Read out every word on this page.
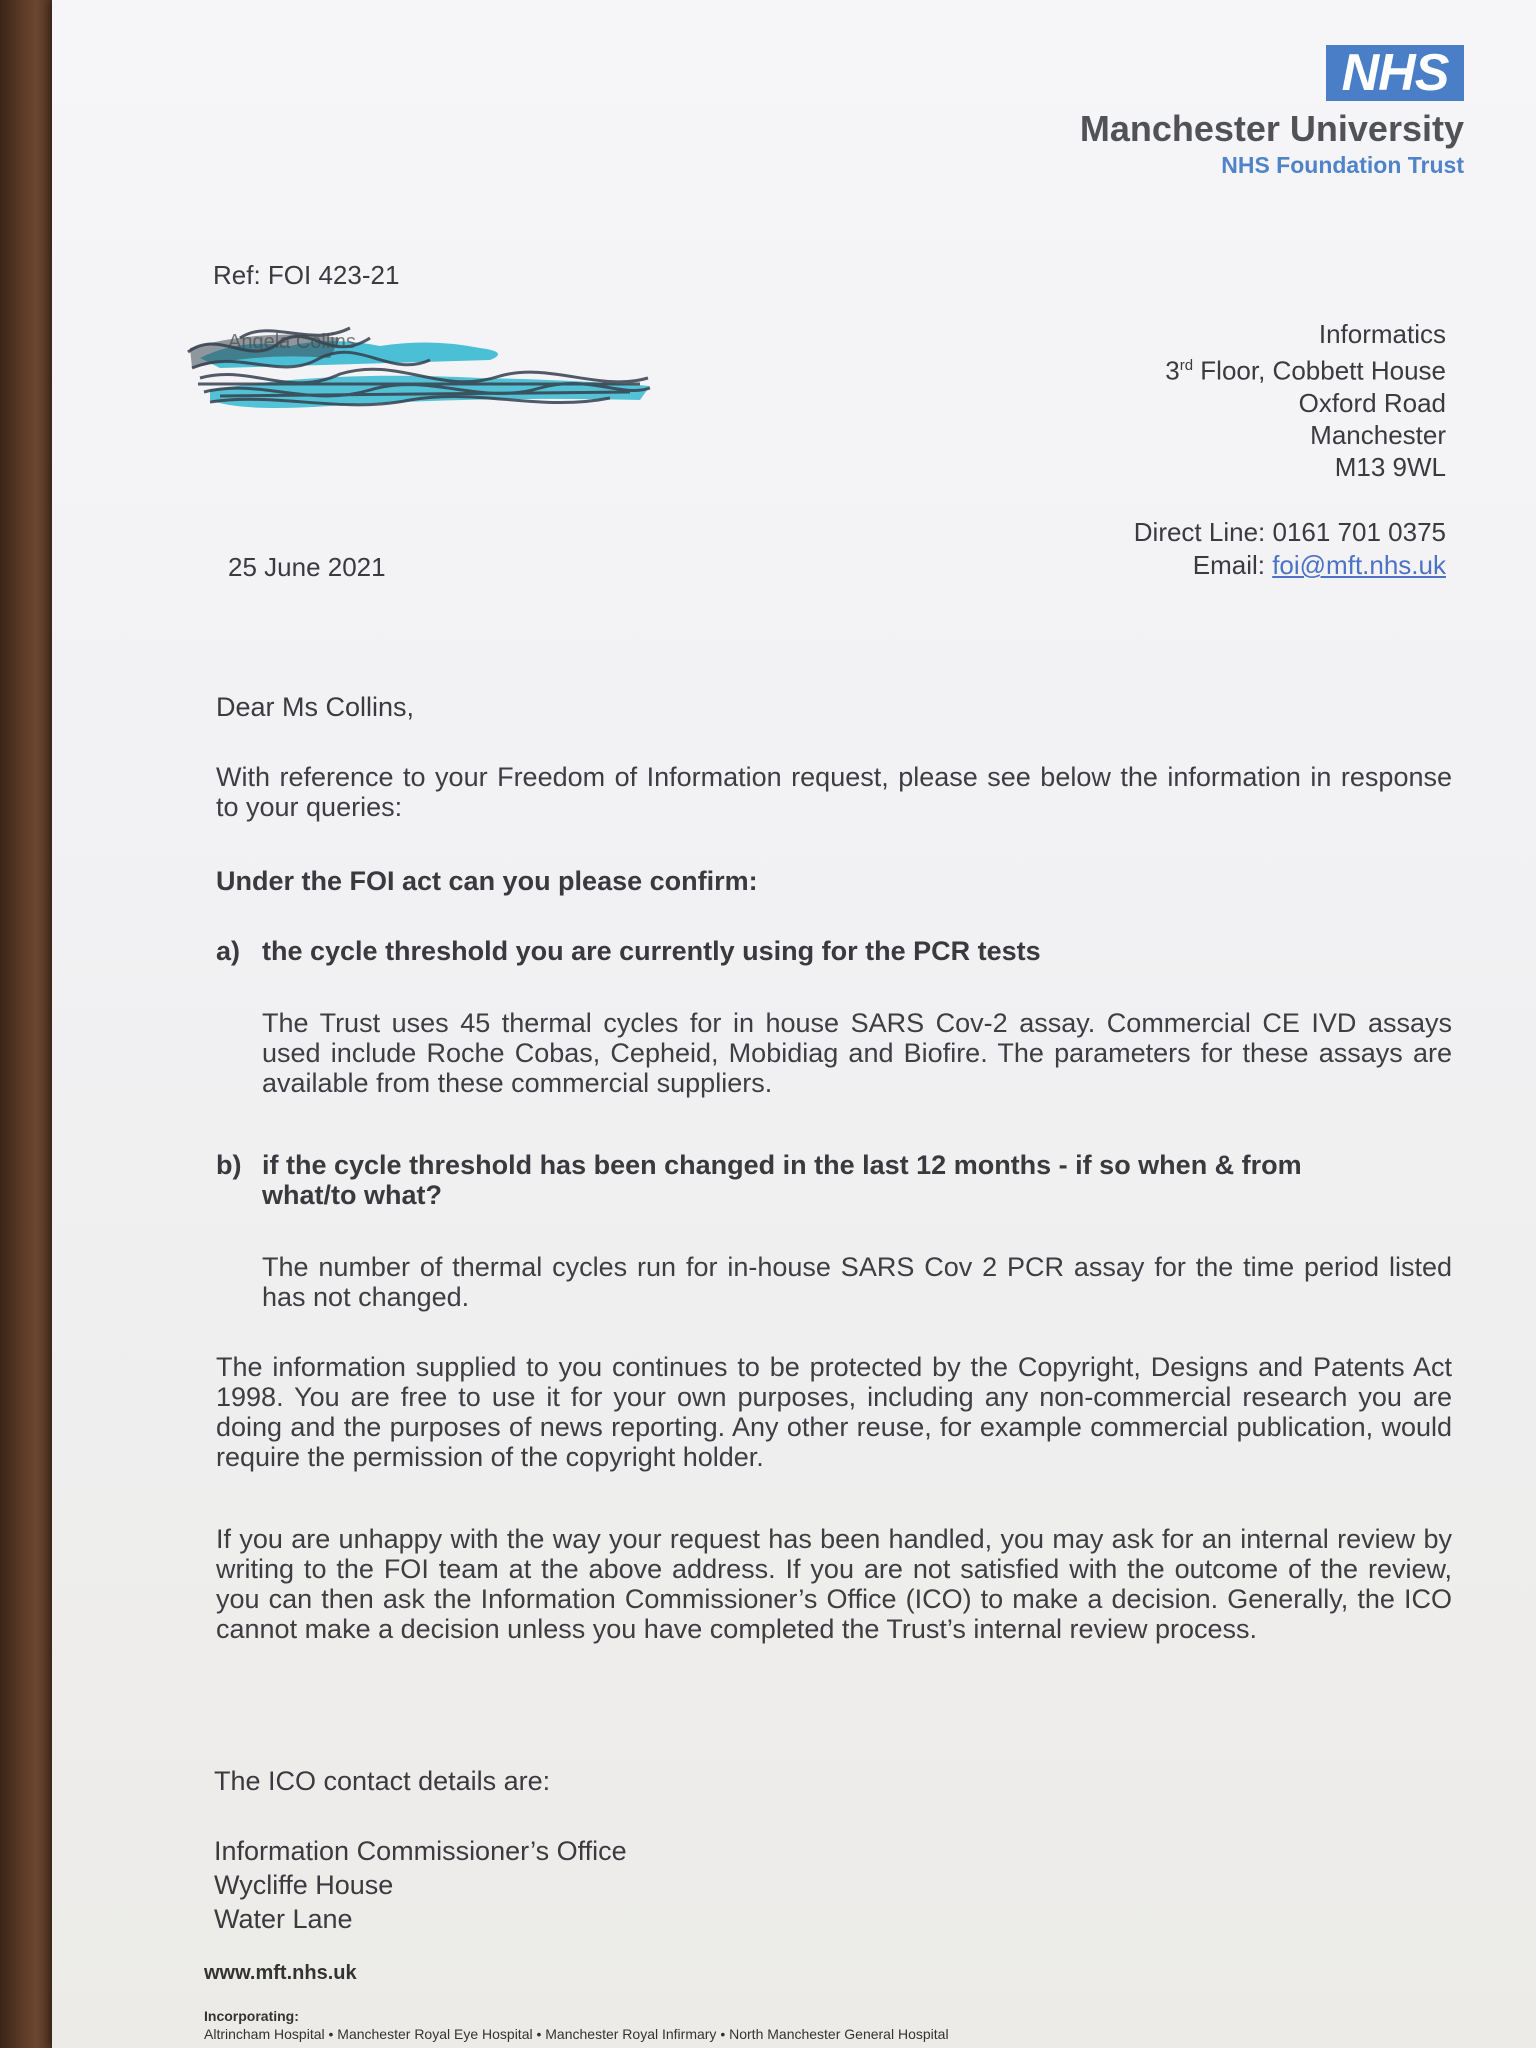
NHS
Manchester University
NHS Foundation Trust
Ref: FOI 423-21
Angela Collins	Informatics
3rd Floor, Cobbett House
Oxford Road
Manchester
M13 9WL
Direct Line: 0161 701 0375
Email: foi@mft.nhs.uk
25 June 2021
Dear Ms Collins,
With reference to your Freedom of Information request, please see below the information in response to your queries:
Under the FOI act can you please confirm:
a) the cycle threshold you are currently using for the PCR tests
The Trust uses 45 thermal cycles for in house SARS Cov-2 assay. Commercial CE IVD assays used include Roche Cobas, Cepheid, Mobidiag and Biofire. The parameters for these assays are available from these commercial suppliers.
b) if the cycle threshold has been changed in the last 12 months - if so when & from
what/to what?
The number of thermal cycles run for in-house SARS Cov 2 PCR assay for the time period listed has not changed.
The information supplied to you continues to be protected by the Copyright, Designs and Patents Act 1998. You are free to use it for your own purposes, including any non-commercial research you are doing and the purposes of news reporting. Any other reuse, for example commercial publication, would require the permission of the copyright holder.
If you are unhappy with the way your request has been handled, you may ask for an internal review by writing to the FOI team at the above address. If you are not satisfied with the outcome of the review, you can then ask the Information Commissioner’s Office (ICO) to make a decision. Generally, the ICO cannot make a decision unless you have completed the Trust’s internal review process.
The ICO contact details are:
Information Commissioner’s Office
Wycliffe House
Water Lane
www.mft.nhs.uk
Incorporating:
Altrincham Hospital • Manchester Royal Eye Hospital • Manchester Royal Infirmary • North Manchester General Hospital
